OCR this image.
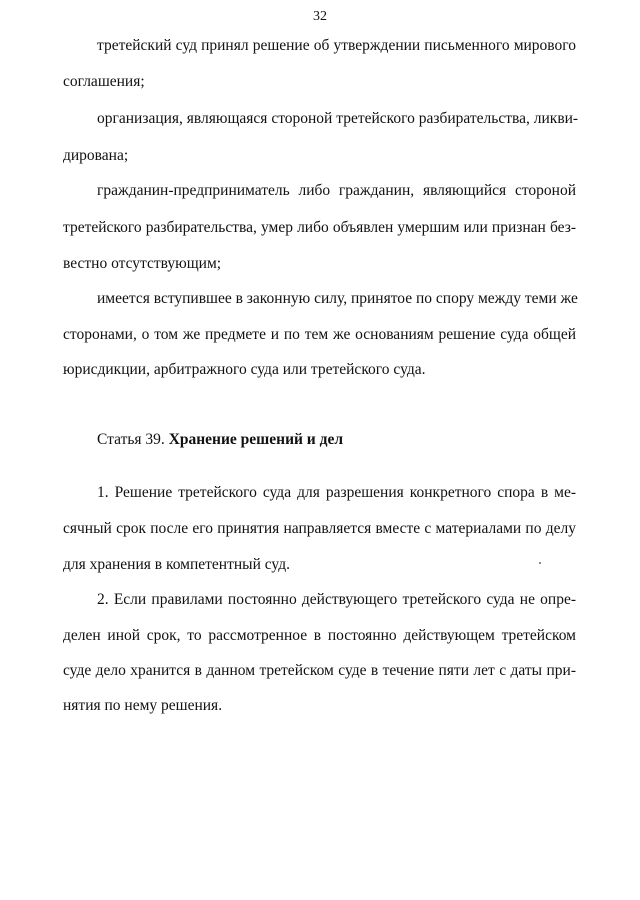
32
третейский суд принял решение об утверждении письменного мирового
соглашения;
организация, являющаяся стороной третейского разбирательства, ликви-
дирована;
гражданин-предприниматель либо гражданин, являющийся стороной
третейского разбирательства, умер либо объявлен умершим или признан без-
вестно отсутствующим;
имеется вступившее в законную силу, принятое по спору между теми же
сторонами, о том же предмете и по тем же основаниям решение суда общей
юрисдикции, арбитражного суда или третейского суда.
Статья 39. Хранение решений и дел
1. Решение третейского суда для разрешения конкретного спора в ме-
сячный срок после его принятия направляется вместе с материалами по делу
для хранения в компетентный суд.
2. Если правилами постоянно действующего третейского суда не опре-
делен иной срок, то рассмотренное в постоянно действующем третейском
суде дело хранится в данном третейском суде в течение пяти лет с даты при-
нятия по нему решения.
